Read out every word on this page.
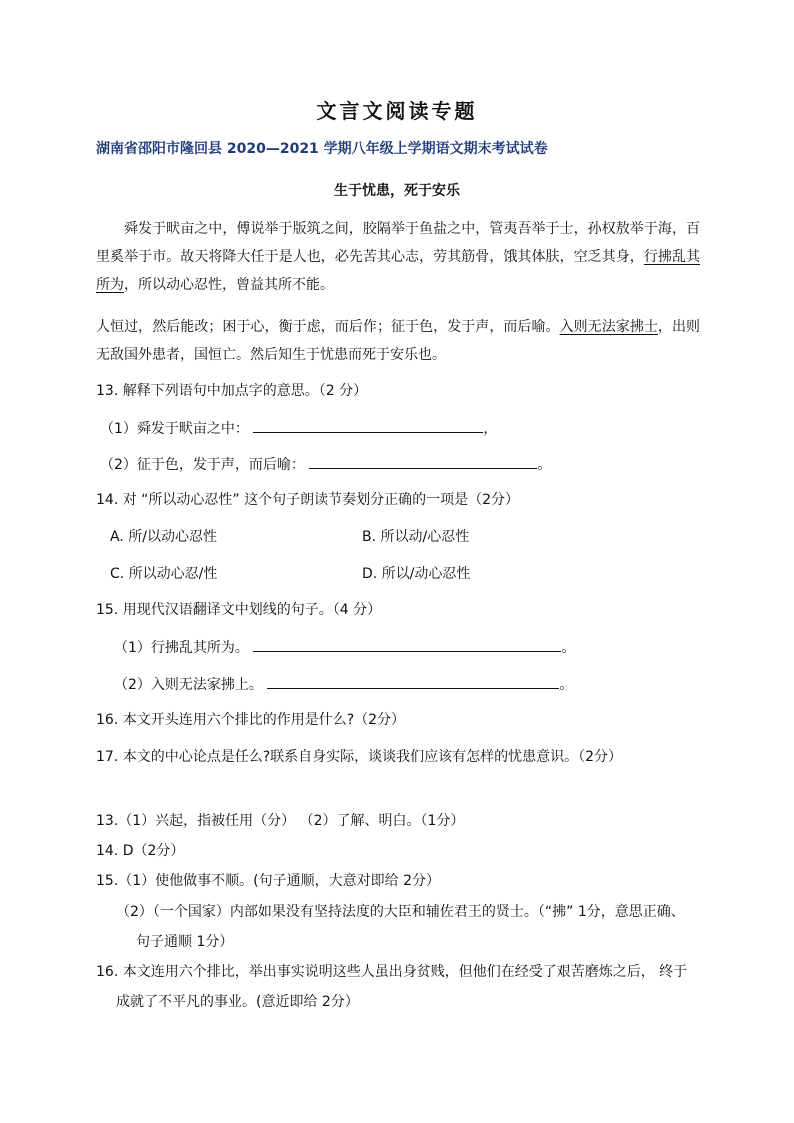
文言文阅读专题
湖南省邵阳市隆回县 2020—2021 学期八年级上学期语文期末考试试卷
生于忧患，死于安乐
舜发于畎亩之中，傅说举于版筑之间，胶隔举于鱼盐之中，管夷吾举于士，孙权敖举于海，百里奚举于市。故天将降大任于是人也，必先苦其心志，劳其筋骨，饿其体肤，空乏其身，行拂乱其所为，所以动心忍性，曾益其所不能。
人恒过，然后能改；困于心，衡于虑，而后作；征于色，发于声，而后喻。入则无法家拂士，出则无敌国外患者，国恒亡。然后知生于忧患而死于安乐也。
13. 解释下列语句中加点字的意思。（2 分）
（1）舜发于畎亩之中：	，
（2）征于色，发于声，而后喻：	。
14. 对 “所以动心忍性” 这个句子朗读节奏划分正确的一项是（2分）
A. 所/以动心忍性	B. 所以动/心忍性
C. 所以动心忍/性	D. 所以/动心忍性
15. 用现代汉语翻译文中划线的句子。（4 分）
（1）行拂乱其所为。	。
（2）入则无法家拂上。	。
16. 本文开头连用六个排比的作用是什么?（2分）
17. 本文的中心论点是任么?联系自身实际，谈谈我们应该有怎样的忧患意识。（2分）
13.（1）兴起，指被任用（分） （2）了解、明白。（1分）
14. D（2分）
15.（1）使他做事不顺。(句子通顺，大意对即给 2分）
（2）（一个国家）内部如果没有坚持法度的大臣和辅佐君王的贤士。（“拂” 1分，意思正确、
句子通顺 1分）
16. 本文连用六个排比，举出事实说明这些人虽出身贫贱，但他们在经受了艰苦磨炼之后， 终于
成就了不平凡的事业。(意近即给 2分）
